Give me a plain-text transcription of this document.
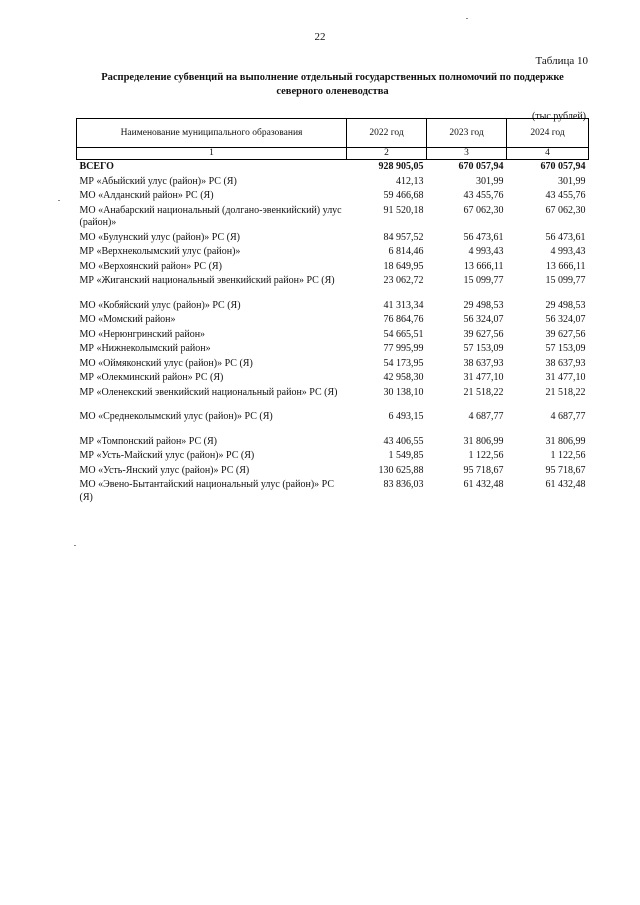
22
Таблица 10
Распределение субвенций на выполнение отдельный государственных полномочий по поддержке северного оленеводства
(тыс.рублей)
Наименование муниципального образования	2022 год	2023 год	2024 год
1	2	3	4
ВСЕГО	928 905,05	670 057,94	670 057,94
МР «Абыйский улус (район)» РС (Я)	412,13	301,99	301,99
МО «Алданский район» РС (Я)	59 466,68	43 455,76	43 455,76
МО «Анабарский национальный (долгано-эвенкийский) улус (район)»	91 520,18	67 062,30	67 062,30
МО «Булунский улус (район)» РС (Я)	84 957,52	56 473,61	56 473,61
МР «Верхнеколымский улус (район)»	6 814,46	4 993,43	4 993,43
МО «Верхоянский район» РС (Я)	18 649,95	13 666,11	13 666,11
МР «Жиганский национальный эвенкийский район» РС (Я)	23 062,72	15 099,77	15 099,77

МО «Кобяйский улус (район)» РС (Я)	41 313,34	29 498,53	29 498,53
МО «Момский район»	76 864,76	56 324,07	56 324,07
МО «Нерюнгринский район»	54 665,51	39 627,56	39 627,56
МР «Нижнеколымский район»	77 995,99	57 153,09	57 153,09
МО «Оймяконский улус (район)» РС (Я)	54 173,95	38 637,93	38 637,93
МР «Олекминский район» РС (Я)	42 958,30	31 477,10	31 477,10
МР «Оленекский эвенкийский национальный район» РС (Я)	30 138,10	21 518,22	21 518,22

МО «Среднеколымский улус (район)» РС (Я)	6 493,15	4 687,77	4 687,77

МР «Томпонский район» РС (Я)	43 406,55	31 806,99	31 806,99
МР «Усть-Майский улус (район)» РС (Я)	1 549,85	1 122,56	1 122,56
МО «Усть-Янский улус (район)» РС (Я)	130 625,88	95 718,67	95 718,67
МО «Эвено-Бытантайский национальный улус (район)» РС (Я)	83 836,03	61 432,48	61 432,48
